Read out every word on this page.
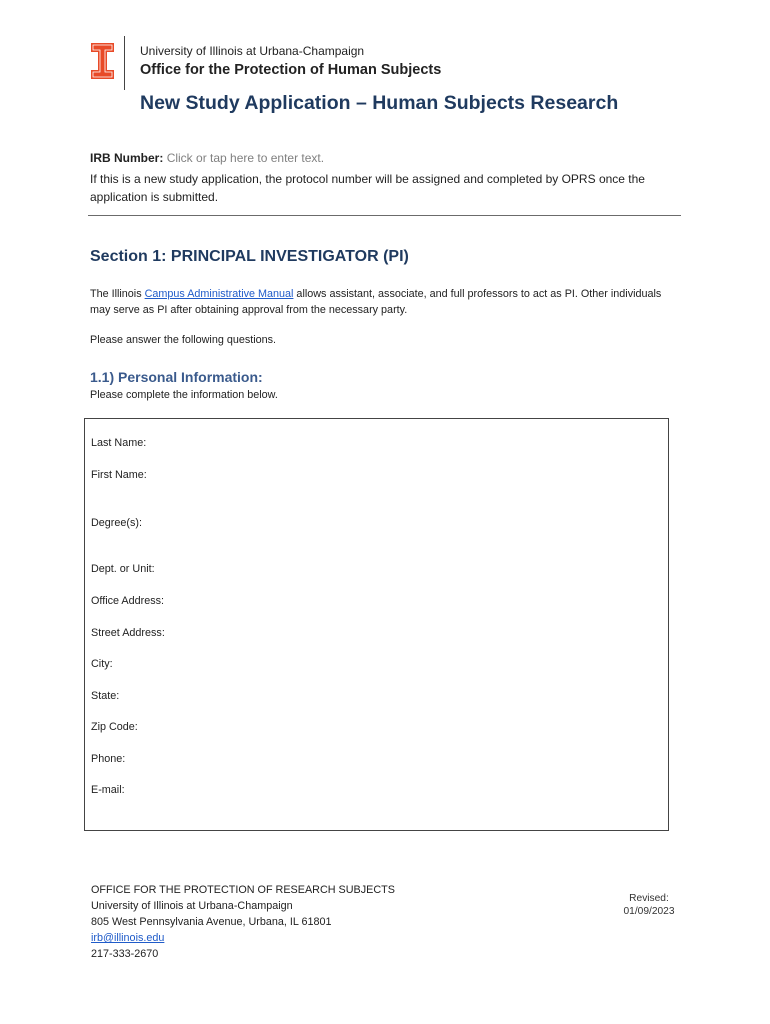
University of Illinois at Urbana-Champaign
Office for the Protection of Human Subjects
New Study Application – Human Subjects Research
IRB Number: Click or tap here to enter text.
If this is a new study application, the protocol number will be assigned and completed by OPRS once the application is submitted.
Section 1: PRINCIPAL INVESTIGATOR (PI)
The Illinois Campus Administrative Manual allows assistant, associate, and full professors to act as PI. Other individuals may serve as PI after obtaining approval from the necessary party.
Please answer the following questions.
1.1) Personal Information:
Please complete the information below.
Last Name:
First Name:
Degree(s):
Dept. or Unit:
Office Address:
Street Address:
City:
State:
Zip Code:
Phone:
E-mail:
OFFICE FOR THE PROTECTION OF RESEARCH SUBJECTS
University of Illinois at Urbana-Champaign
805 West Pennsylvania Avenue, Urbana, IL 61801
irb@illinois.edu
217-333-2670
Revised:
01/09/2023
